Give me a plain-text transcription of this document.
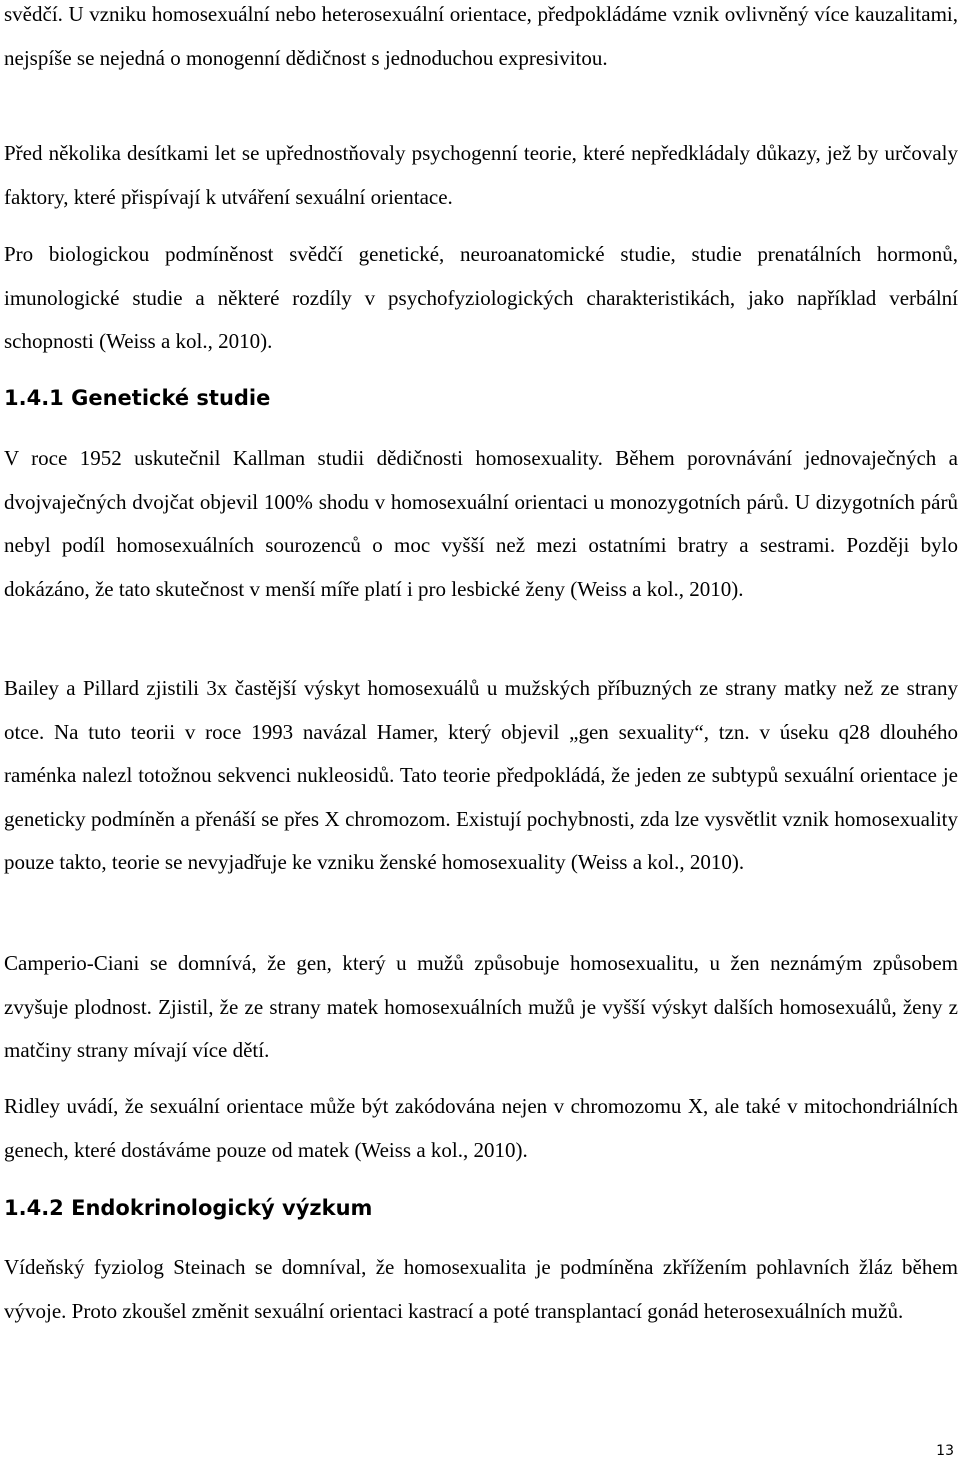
svědčí. U vzniku homosexuální nebo heterosexuální orientace, předpokládáme vznik ovlivněný více kauzalitami, nejspíše se nejedná o monogenní dědičnost s jednoduchou expresivitou.

Před několika desítkami let se upřednostňovaly psychogenní teorie, které nepředkládaly důkazy, jež by určovaly faktory, které přispívají k utváření sexuální orientace.

Pro biologickou podmíněnost svědčí genetické, neuroanatomické studie, studie prenatálních hormonů, imunologické studie a některé rozdíly v psychofyziologických charakteristikách, jako například verbální schopnosti (Weiss a kol., 2010).

1.4.1 Genetické studie

V roce 1952 uskutečnil Kallman studii dědičnosti homosexuality. Během porovnávání jednovaječných a dvojvaječných dvojčat objevil 100% shodu v homosexuální orientaci u monozygotních párů. U dizygotních párů nebyl podíl homosexuálních sourozenců o moc vyšší než mezi ostatními bratry a sestrami. Později bylo dokázáno, že tato skutečnost v menší míře platí i pro lesbické ženy (Weiss a kol., 2010).

Bailey a Pillard zjistili 3x častější výskyt homosexuálů u mužských příbuzných ze strany matky než ze strany otce. Na tuto teorii v roce 1993 navázal Hamer, který objevil „gen sexuality“, tzn. v úseku q28 dlouhého raménka nalezl totožnou sekvenci nukleosidů. Tato teorie předpokládá, že jeden ze subtypů sexuální orientace je geneticky podmíněn a přenáší se přes X chromozom. Existují pochybnosti, zda lze vysvětlit vznik homosexuality pouze takto, teorie se nevyjadřuje ke vzniku ženské homosexuality (Weiss a kol., 2010).

Camperio-Ciani se domnívá, že gen, který u mužů způsobuje homosexualitu, u žen neznámým způsobem zvyšuje plodnost. Zjistil, že ze strany matek homosexuálních mužů je vyšší výskyt dalších homosexuálů, ženy z matčiny strany mívají více dětí.

Ridley uvádí, že sexuální orientace může být zakódována nejen v chromozomu X, ale také v mitochondriálních genech, které dostáváme pouze od matek (Weiss a kol., 2010).

1.4.2 Endokrinologický výzkum

Vídeňský fyziolog Steinach se domníval, že homosexualita je podmíněna zkřížením pohlavních žláz během vývoje. Proto zkoušel změnit sexuální orientaci kastrací a poté transplantací gonád heterosexuálních mužů.

13
